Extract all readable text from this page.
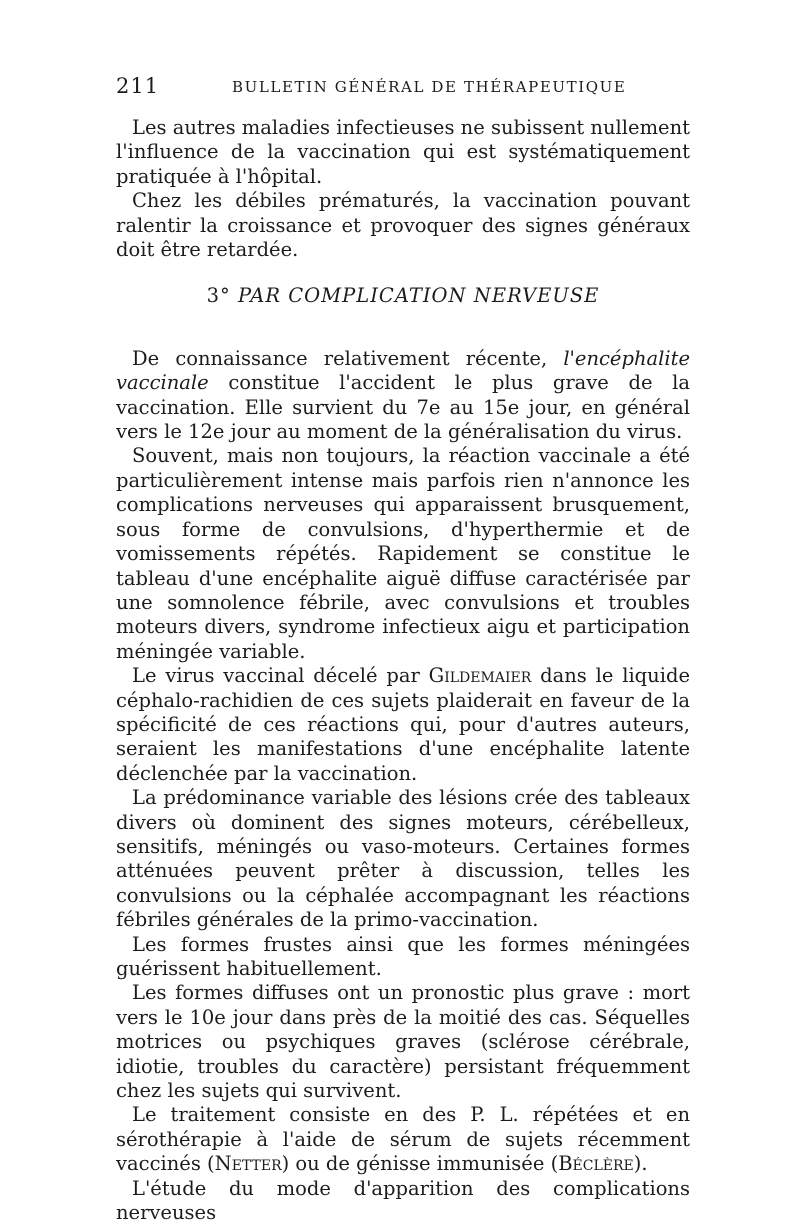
211	BULLETIN GÉNÉRAL DE THÉRAPEUTIQUE

Les autres maladies infectieuses ne subissent nullement l'influence de la vaccination qui est systématiquement pratiquée à l'hôpital.

Chez les débiles prématurés, la vaccination pouvant ralentir la croissance et provoquer des signes généraux doit être retardée.

3° PAR COMPLICATION NERVEUSE

De connaissance relativement récente, l'encéphalite vaccinale constitue l'accident le plus grave de la vaccination. Elle survient du 7e au 15e jour, en général vers le 12e jour au moment de la généralisation du virus.

Souvent, mais non toujours, la réaction vaccinale a été particulièrement intense mais parfois rien n'annonce les complications nerveuses qui apparaissent brusquement, sous forme de convulsions, d'hyperthermie et de vomissements répétés. Rapidement se constitue le tableau d'une encéphalite aiguë diffuse caractérisée par une somnolence fébrile, avec convulsions et troubles moteurs divers, syndrome infectieux aigu et participation méningée variable.

Le virus vaccinal décelé par Gildemaier dans le liquide céphalo-rachidien de ces sujets plaiderait en faveur de la spécificité de ces réactions qui, pour d'autres auteurs, seraient les manifestations d'une encéphalite latente déclenchée par la vaccination.

La prédominance variable des lésions crée des tableaux divers où dominent des signes moteurs, cérébelleux, sensitifs, méningés ou vaso-moteurs. Certaines formes atténuées peuvent prêter à discussion, telles les convulsions ou la céphalée accompagnant les réactions fébriles générales de la primo-vaccination.

Les formes frustes ainsi que les formes méningées guérissent habituellement.

Les formes diffuses ont un pronostic plus grave : mort vers le 10e jour dans près de la moitié des cas. Séquelles motrices ou psychiques graves (sclérose cérébrale, idiotie, troubles du caractère) persistant fréquemment chez les sujets qui survivent.

Le traitement consiste en des P. L. répétées et en sérothérapie à l'aide de sérum de sujets récemment vaccinés (Netter) ou de génisse immunisée (Béclère).

L'étude du mode d'apparition des complications nerveuses
